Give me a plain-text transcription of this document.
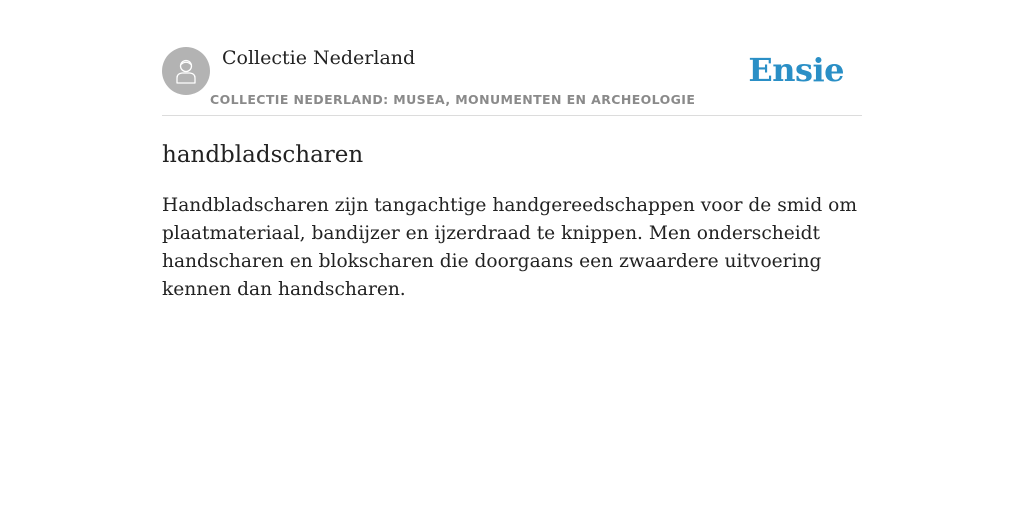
Collectie Nederland
COLLECTIE NEDERLAND: MUSEA, MONUMENTEN EN ARCHEOLOGIE
Ensie
handbladscharen

Handbladscharen zijn tangachtige handgereedschappen voor de smid om plaatmateriaal, bandijzer en ijzerdraad te knippen. Men onderscheidt handscharen en blokscharen die doorgaans een zwaardere uitvoering kennen dan handscharen.
